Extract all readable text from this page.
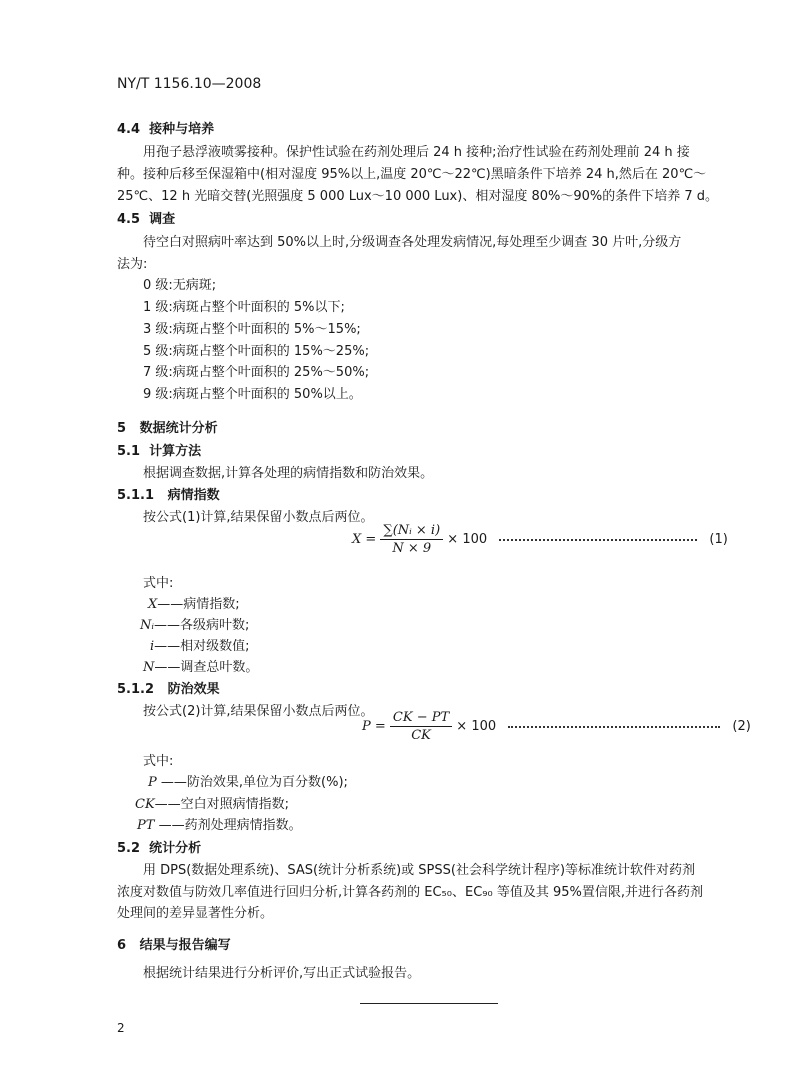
NY/T 1156.10—2008
4.4 接种与培养
用孢子悬浮液喷雾接种。保护性试验在药剂处理后 24 h 接种;治疗性试验在药剂处理前 24 h 接
种。接种后移至保湿箱中(相对湿度 95%以上,温度 20℃～22℃)黑暗条件下培养 24 h,然后在 20℃～
25℃、12 h 光暗交替(光照强度 5 000 Lux～10 000 Lux)、相对湿度 80%～90%的条件下培养 7 d。
4.5 调查
待空白对照病叶率达到 50%以上时,分级调查各处理发病情况,每处理至少调查 30 片叶,分级方
法为:
0 级:无病斑;
1 级:病斑占整个叶面积的 5%以下;
3 级:病斑占整个叶面积的 5%～15%;
5 级:病斑占整个叶面积的 15%～25%;
7 级:病斑占整个叶面积的 25%～50%;
9 级:病斑占整个叶面积的 50%以上。
5 数据统计分析
5.1 计算方法
根据调查数据,计算各处理的病情指数和防治效果。
5.1.1 病情指数
按公式(1)计算,结果保留小数点后两位。
$X = \frac{\text{∑(Nᵢ × i)}}{N \times 9} \times 100$	(1)
式中:
X——病情指数;
Nᵢ——各级病叶数;
i——相对级数值;
N——调查总叶数。
5.1.2 防治效果
按公式(2)计算,结果保留小数点后两位。
$P = \frac{CK - PT}{CK} \times 100$	(2)
式中:
P ——防治效果,单位为百分数(%);
CK——空白对照病情指数;
PT ——药剂处理病情指数。
5.2 统计分析
用 DPS(数据处理系统)、SAS(统计分析系统)或 SPSS(社会科学统计程序)等标准统计软件对药剂
浓度对数值与防效几率值进行回归分析,计算各药剂的 EC₅₀、EC₉₀ 等值及其 95%置信限,并进行各药剂
处理间的差异显著性分析。
6 结果与报告编写
根据统计结果进行分析评价,写出正式试验报告。
2
